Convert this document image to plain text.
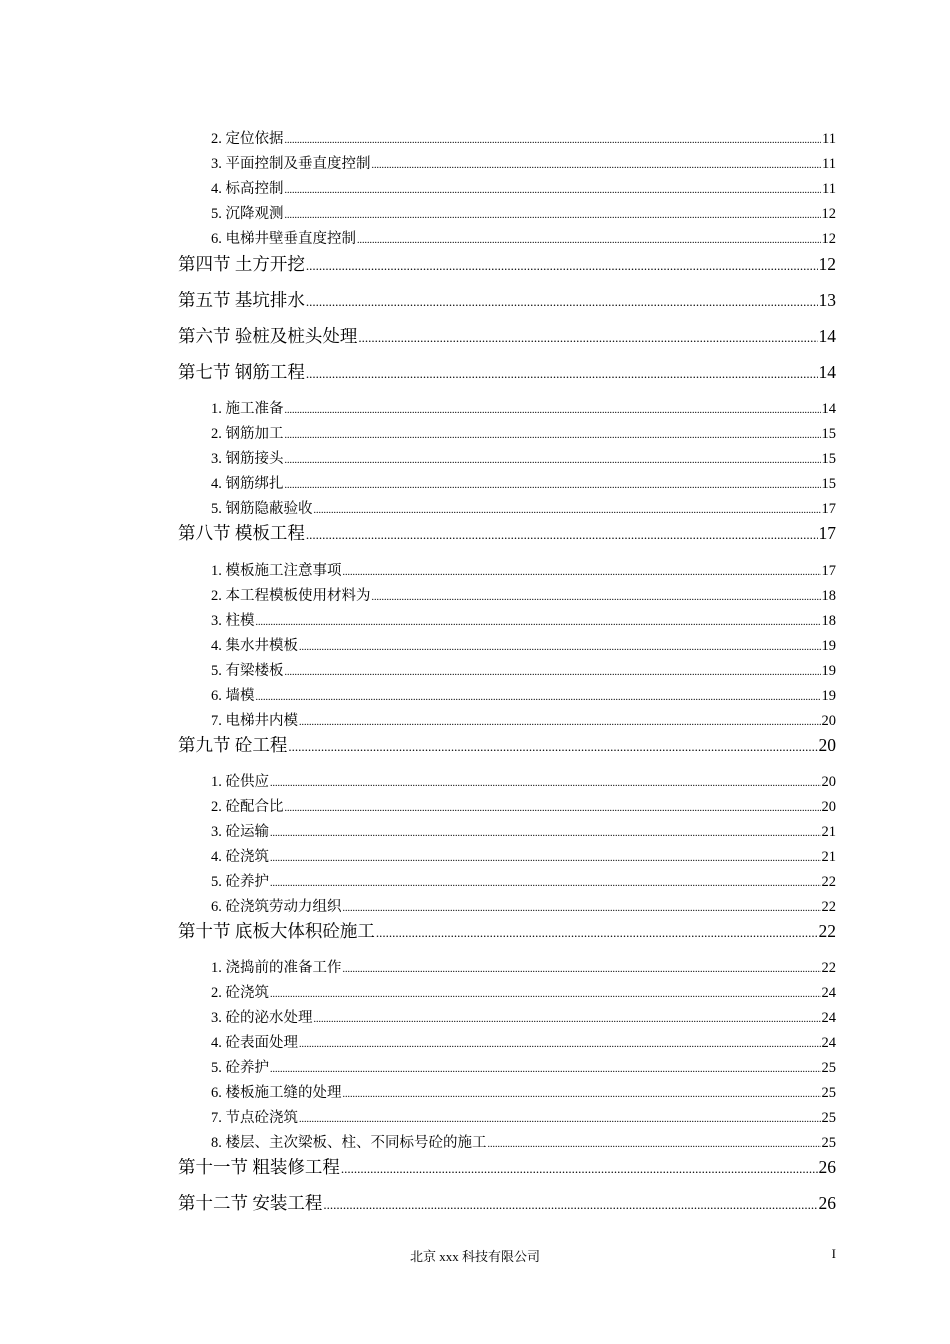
2. 定位依据 .....	11
3. 平面控制及垂直度控制 .....	11
4. 标高控制 .....	11
5. 沉降观测 .....	12
6. 电梯井壁垂直度控制 .....	12
第四节 土方开挖 .....	12
第五节 基坑排水 .....	13
第六节 验桩及桩头处理 .....	14
第七节 钢筋工程 .....	14
1. 施工准备 .....	14
2. 钢筋加工 .....	15
3. 钢筋接头 .....	15
4. 钢筋绑扎 .....	15
5. 钢筋隐蔽验收 .....	17
第八节 模板工程 .....	17
1. 模板施工注意事项 .....	17
2. 本工程模板使用材料为 .....	18
3. 柱模 .....	18
4. 集水井模板 .....	19
5. 有梁楼板 .....	19
6. 墙模 .....	19
7. 电梯井内模 .....	20
第九节 砼工程 .....	20
1. 砼供应 .....	20
2. 砼配合比 .....	20
3. 砼运输 .....	21
4. 砼浇筑 .....	21
5. 砼养护 .....	22
6. 砼浇筑劳动力组织 .....	22
第十节 底板大体积砼施工 .....	22
1. 浇捣前的准备工作 .....	22
2. 砼浇筑 .....	24
3. 砼的泌水处理 .....	24
4. 砼表面处理 .....	24
5. 砼养护 .....	25
6. 楼板施工缝的处理 .....	25
7. 节点砼浇筑 .....	25
8. 楼层、主次梁板、柱、不同标号砼的施工 .....	25
第十一节 粗装修工程 .....	26
第十二节 安装工程 .....	26
北京 xxx 科技有限公司	I
